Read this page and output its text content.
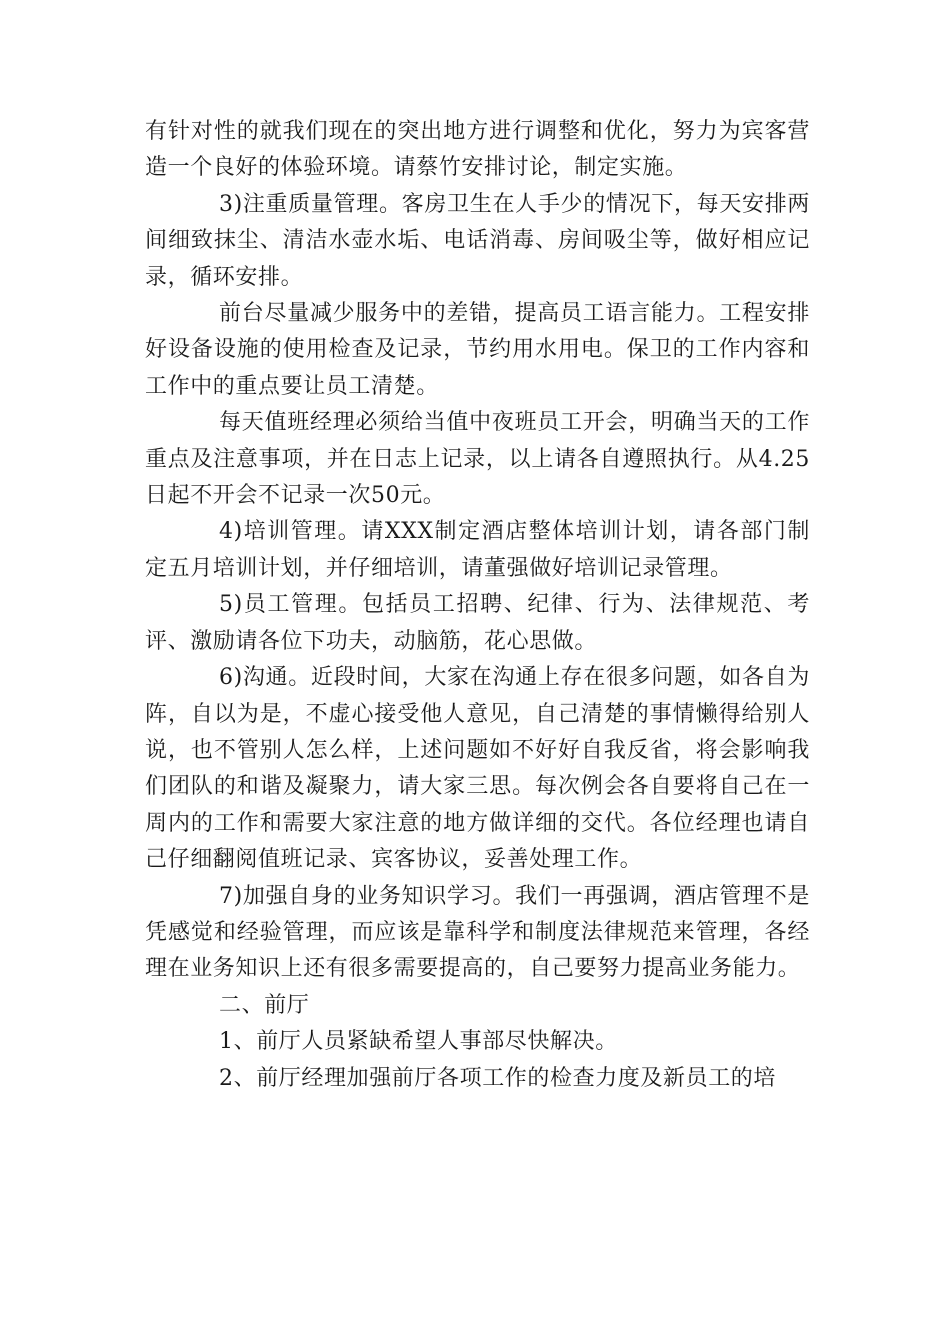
有针对性的就我们现在的突出地方进行调整和优化，努力为宾客营造一个良好的体验环境。请蔡竹安排讨论，制定实施。

3)注重质量管理。客房卫生在人手少的情况下，每天安排两间细致抹尘、清洁水壶水垢、电话消毒、房间吸尘等，做好相应记录，循环安排。

前台尽量减少服务中的差错，提高员工语言能力。工程安排好设备设施的使用检查及记录，节约用水用电。保卫的工作内容和工作中的重点要让员工清楚。

每天值班经理必须给当值中夜班员工开会，明确当天的工作重点及注意事项，并在日志上记录，以上请各自遵照执行。从4.25日起不开会不记录一次50元。

4)培训管理。请XXX制定酒店整体培训计划，请各部门制定五月培训计划，并仔细培训，请董强做好培训记录管理。

5)员工管理。包括员工招聘、纪律、行为、法律规范、考评、激励请各位下功夫，动脑筋，花心思做。

6)沟通。近段时间，大家在沟通上存在很多问题，如各自为阵，自以为是，不虚心接受他人意见，自己清楚的事情懒得给别人说，也不管别人怎么样，上述问题如不好好自我反省，将会影响我们团队的和谐及凝聚力，请大家三思。每次例会各自要将自己在一周内的工作和需要大家注意的地方做详细的交代。各位经理也请自己仔细翻阅值班记录、宾客协议，妥善处理工作。

7)加强自身的业务知识学习。我们一再强调，酒店管理不是凭感觉和经验管理，而应该是靠科学和制度法律规范来管理，各经理在业务知识上还有很多需要提高的，自己要努力提高业务能力。

二、前厅

1、前厅人员紧缺希望人事部尽快解决。

2、前厅经理加强前厅各项工作的检查力度及新员工的培
